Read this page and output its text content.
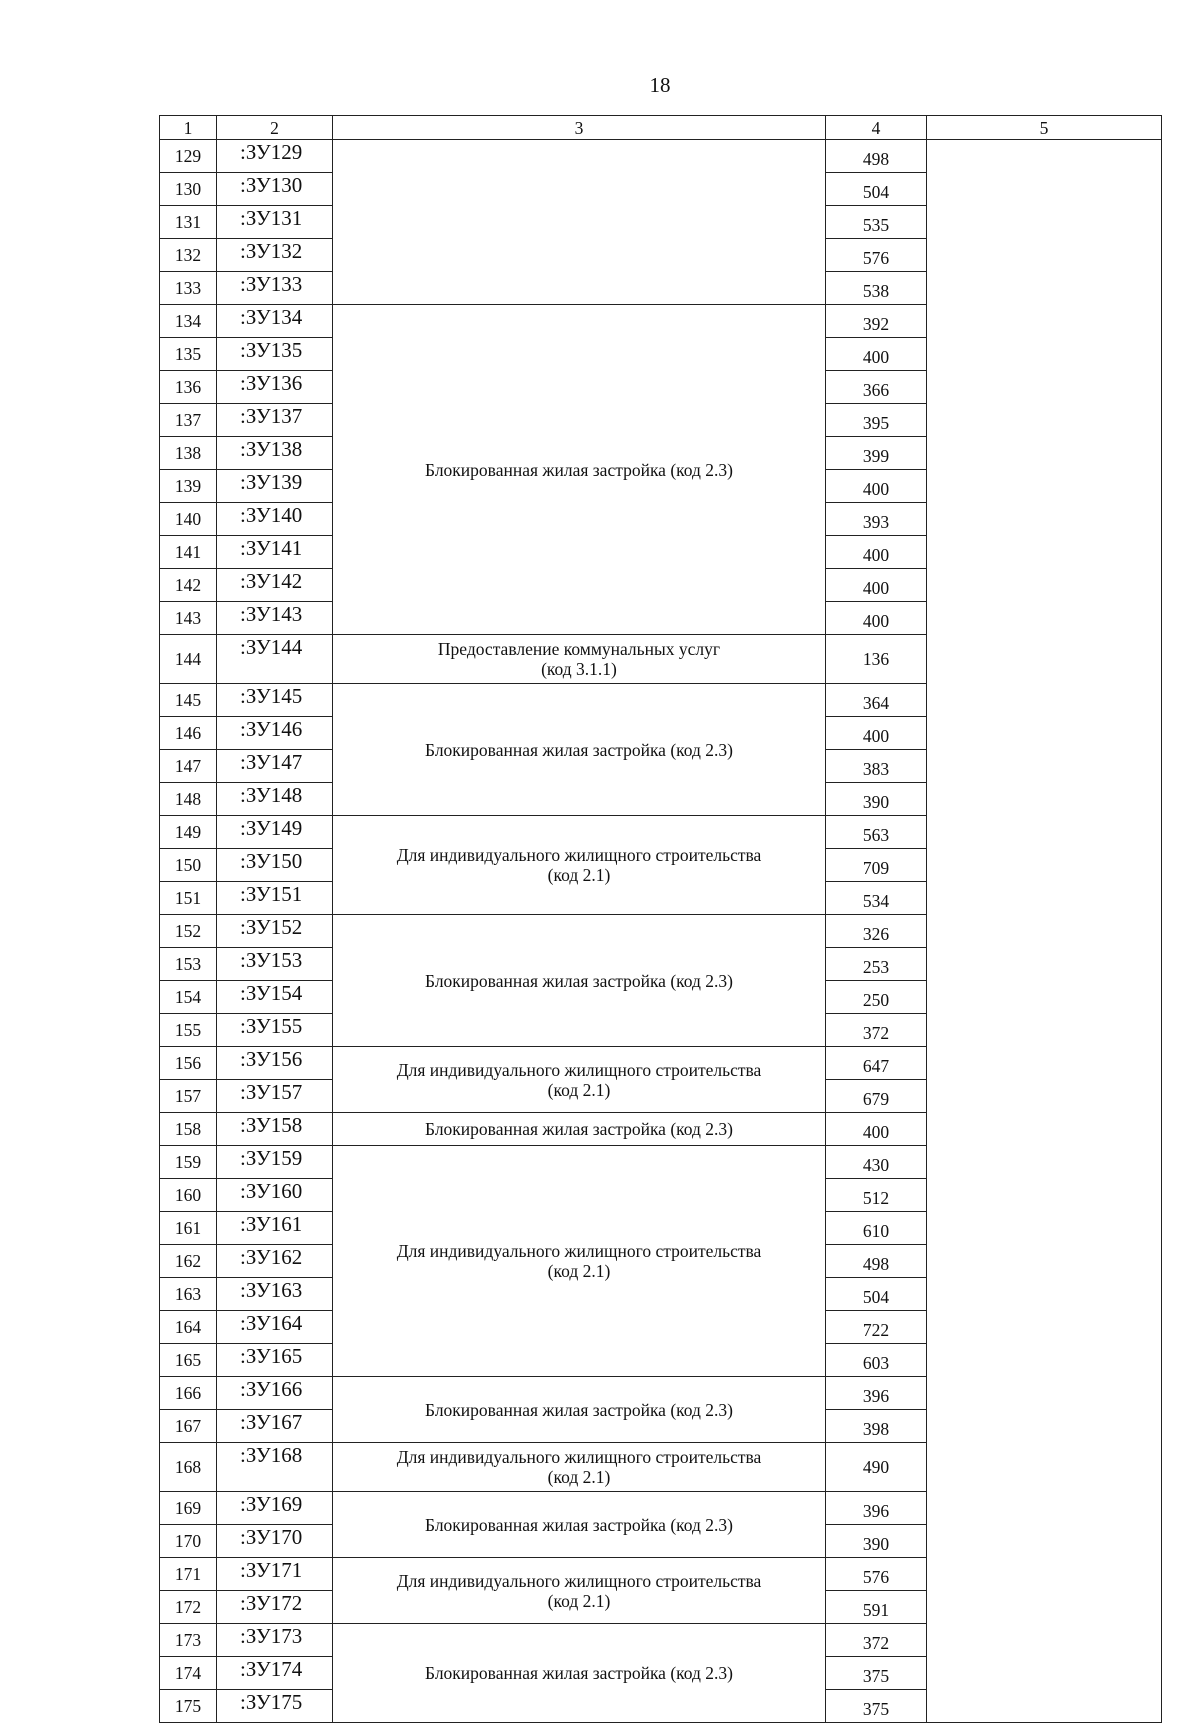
18
1	2	3	4	5
129	:ЗУ129		498	
130	:ЗУ130		504	
131	:ЗУ131		535	
132	:ЗУ132		576	
133	:ЗУ133		538	
134	:ЗУ134	Блокированная жилая застройка (код 2.3)	392	
135	:ЗУ135		400	
136	:ЗУ136		366	
137	:ЗУ137		395	
138	:ЗУ138		399	
139	:ЗУ139		400	
140	:ЗУ140		393	
141	:ЗУ141		400	
142	:ЗУ142		400	
143	:ЗУ143		400	
144	:ЗУ144	Предоставление коммунальных услуг
(код 3.1.1)	136	
145	:ЗУ145	Блокированная жилая застройка (код 2.3)	364	
146	:ЗУ146		400	
147	:ЗУ147		383	
148	:ЗУ148		390	
149	:ЗУ149	Для индивидуального жилищного строительства
(код 2.1)	563	
150	:ЗУ150		709	
151	:ЗУ151		534	
152	:ЗУ152	Блокированная жилая застройка (код 2.3)	326	
153	:ЗУ153		253	
154	:ЗУ154		250	
155	:ЗУ155		372	
156	:ЗУ156	Для индивидуального жилищного строительства
(код 2.1)	647	
157	:ЗУ157		679	
158	:ЗУ158	Блокированная жилая застройка (код 2.3)	400	
159	:ЗУ159	Для индивидуального жилищного строительства
(код 2.1)	430	
160	:ЗУ160		512	
161	:ЗУ161		610	
162	:ЗУ162		498	
163	:ЗУ163		504	
164	:ЗУ164		722	
165	:ЗУ165		603	
166	:ЗУ166	Блокированная жилая застройка (код 2.3)	396	
167	:ЗУ167		398	
168	:ЗУ168	Для индивидуального жилищного строительства
(код 2.1)	490	
169	:ЗУ169	Блокированная жилая застройка (код 2.3)	396	
170	:ЗУ170		390	
171	:ЗУ171	Для индивидуального жилищного строительства
(код 2.1)	576	
172	:ЗУ172		591	
173	:ЗУ173	Блокированная жилая застройка (код 2.3)	372	
174	:ЗУ174		375	
175	:ЗУ175		375	
